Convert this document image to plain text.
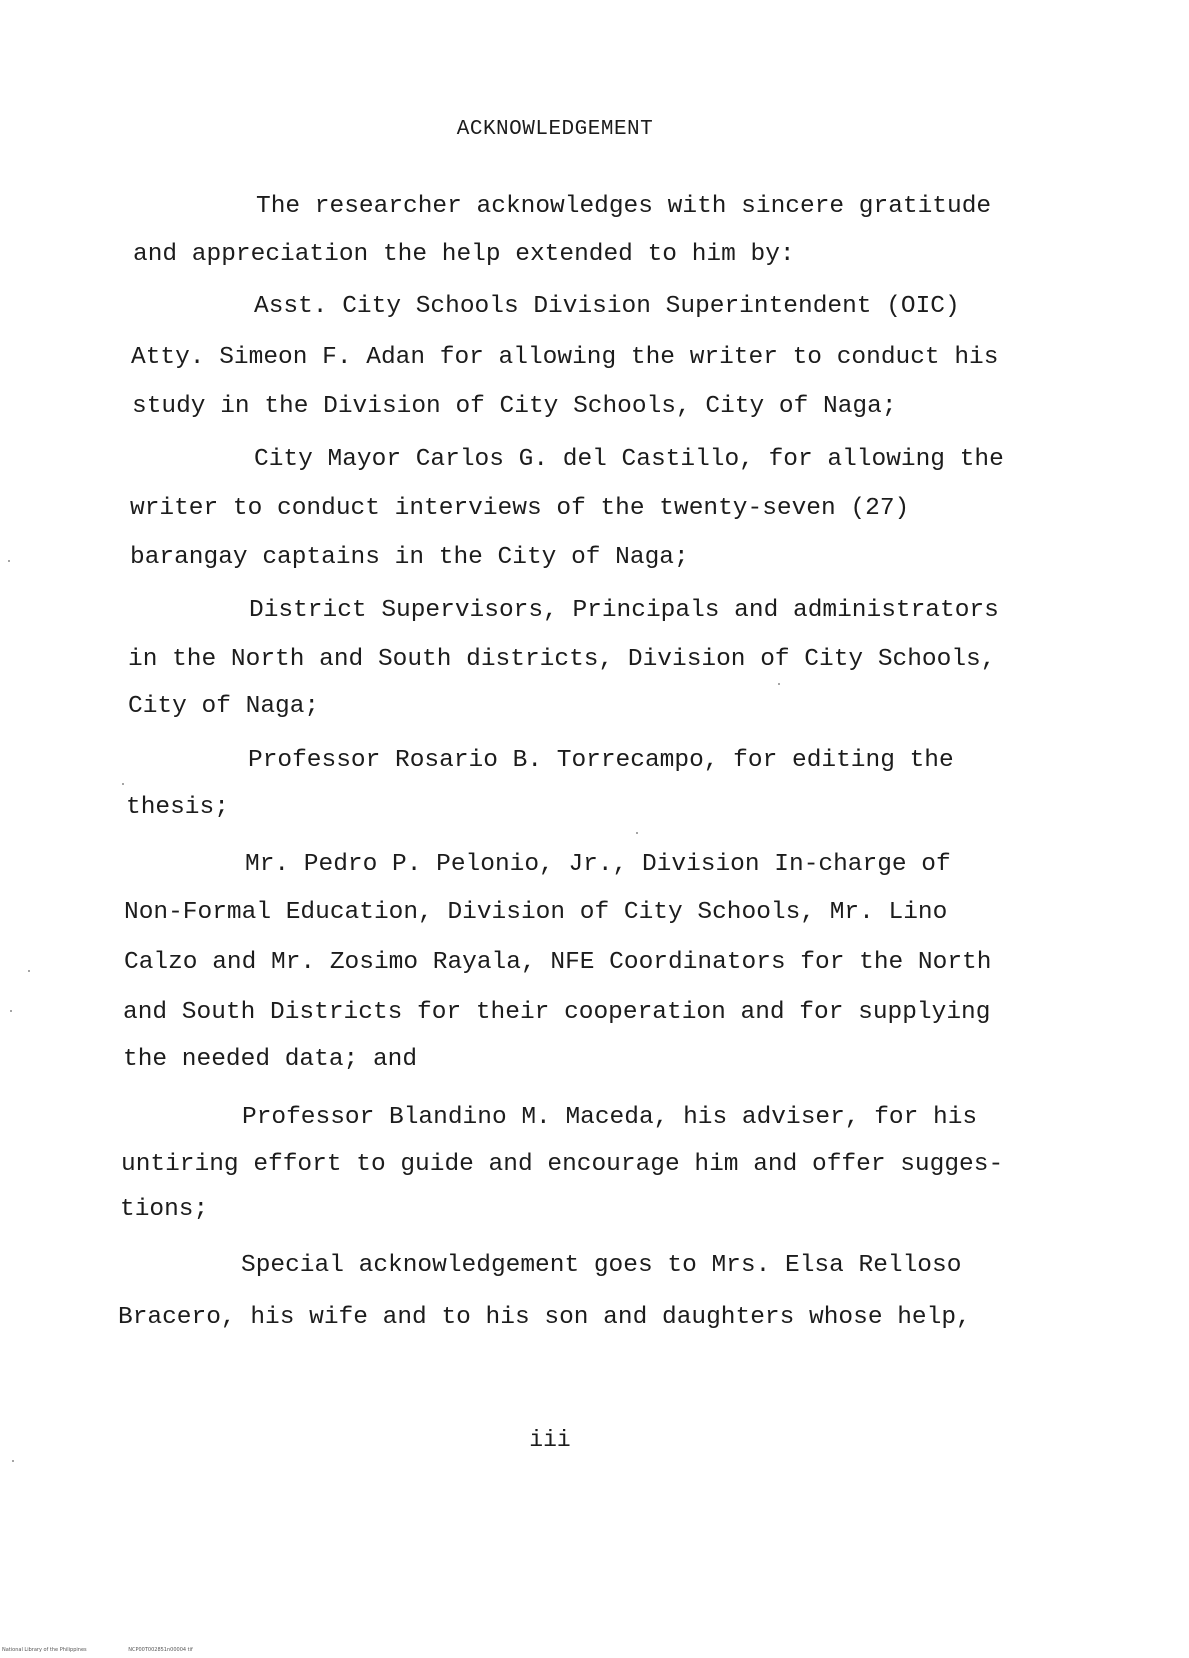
ACKNOWLEDGEMENT

The researcher acknowledges with sincere gratitude

and appreciation the help extended to him by:

Asst. City Schools Division Superintendent (OIC)

Atty. Simeon F. Adan for allowing the writer to conduct his

study in the Division of City Schools, City of Naga;

City Mayor Carlos G. del Castillo, for allowing the

writer to conduct interviews of the twenty-seven (27)

barangay captains in the City of Naga;

District Supervisors, Principals and administrators

in the North and South districts, Division of City Schools,

City of Naga;

Professor Rosario B. Torrecampo, for editing the

thesis;

Mr. Pedro P. Pelonio, Jr., Division In-charge of

Non-Formal Education, Division of City Schools, Mr. Lino

Calzo and Mr. Zosimo Rayala, NFE Coordinators for the North

and South Districts for their cooperation and for supplying

the needed data; and

Professor Blandino M. Maceda, his adviser, for his

untiring effort to guide and encourage him and offer sugges-

tions;

Special acknowledgement goes to Mrs. Elsa Relloso

Bracero, his wife and to his son and daughters whose help,

iii
National Library of the Philippines	NCP00T002851n00004 tif
